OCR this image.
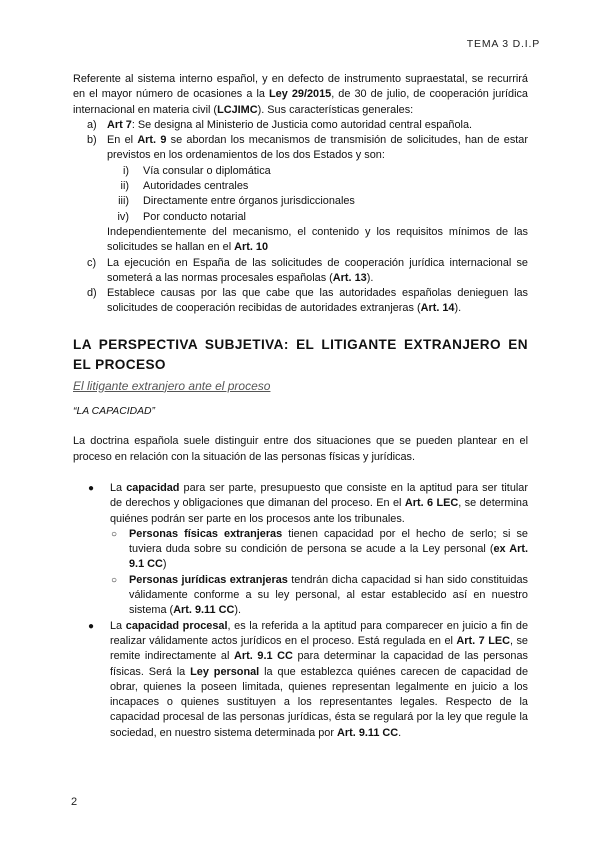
TEMA 3 D.I.P

Referente al sistema interno español, y en defecto de instrumento supraestatal, se recurrirá en el mayor número de ocasiones a la Ley 29/2015, de 30 de julio, de cooperación jurídica internacional en materia civil (LCJIMC). Sus características generales:

a) Art 7: Se designa al Ministerio de Justicia como autoridad central española.
b) En el Art. 9 se abordan los mecanismos de transmisión de solicitudes, han de estar previstos en los ordenamientos de los dos Estados y son:
i) Vía consular o diplomática
ii) Autoridades centrales
iii) Directamente entre órganos jurisdiccionales
iv) Por conducto notarial
Independientemente del mecanismo, el contenido y los requisitos mínimos de las solicitudes se hallan en el Art. 10
c) La ejecución en España de las solicitudes de cooperación jurídica internacional se someterá a las normas procesales españolas (Art. 13).
d) Establece causas por las que cabe que las autoridades españolas denieguen las solicitudes de cooperación recibidas de autoridades extranjeras (Art. 14).
LA PERSPECTIVA SUBJETIVA: EL LITIGANTE EXTRANJERO EN EL PROCESO
El litigante extranjero ante el proceso
“LA CAPACIDAD”

La doctrina española suele distinguir entre dos situaciones que se pueden plantear en el proceso en relación con la situación de las personas físicas y jurídicas.

● La capacidad para ser parte, presupuesto que consiste en la aptitud para ser titular de derechos y obligaciones que dimanan del proceso. En el Art. 6 LEC, se determina quiénes podrán ser parte en los procesos ante los tribunales.
○ Personas físicas extranjeras tienen capacidad por el hecho de serlo; si se tuviera duda sobre su condición de persona se acude a la Ley personal (ex Art. 9.1 CC)
○ Personas jurídicas extranjeras tendrán dicha capacidad si han sido constituidas válidamente conforme a su ley personal, al estar establecido así en nuestro sistema (Art. 9.11 CC).
● La capacidad procesal, es la referida a la aptitud para comparecer en juicio a fin de realizar válidamente actos jurídicos en el proceso. Está regulada en el Art. 7 LEC, se remite indirectamente al Art. 9.1 CC para determinar la capacidad de las personas físicas. Será la Ley personal la que establezca quiénes carecen de capacidad de obrar, quienes la poseen limitada, quienes representan legalmente en juicio a los incapaces o quienes sustituyen a los representantes legales. Respecto de la capacidad procesal de las personas jurídicas, ésta se regulará por la ley que regule la sociedad, en nuestro sistema determinada por Art. 9.11 CC.
2
